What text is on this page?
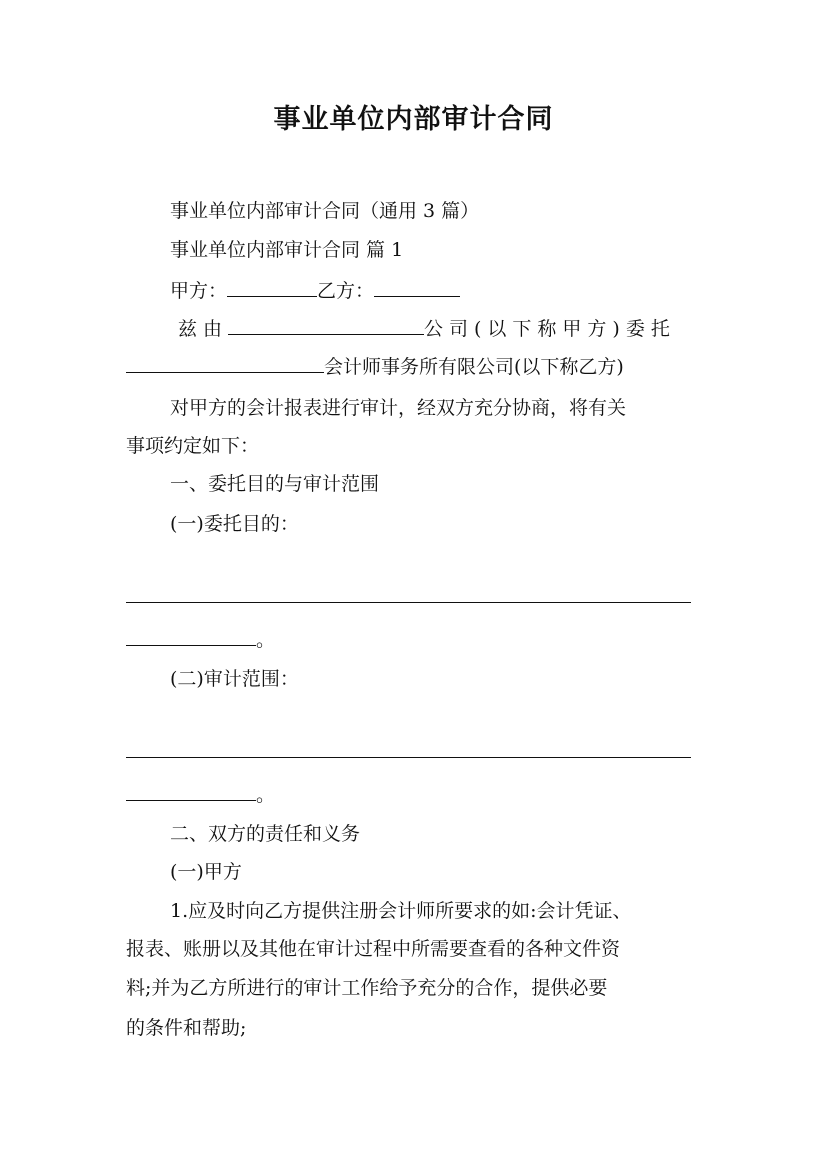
事业单位内部审计合同
事业单位内部审计合同（通用 3 篇）
事业单位内部审计合同 篇 1
甲方：	乙方：
兹由	公司(以下称甲方)委托
会计师事务所有限公司(以下称乙方)
对甲方的会计报表进行审计，经双方充分协商，将有关
事项约定如下：
一、委托目的与审计范围
(一)委托目的：
。
(二)审计范围：
。
二、双方的责任和义务
(一)甲方
1.应及时向乙方提供注册会计师所要求的如:会计凭证、
报表、账册以及其他在审计过程中所需要查看的各种文件资
料;并为乙方所进行的审计工作给予充分的合作，提供必要
的条件和帮助;
